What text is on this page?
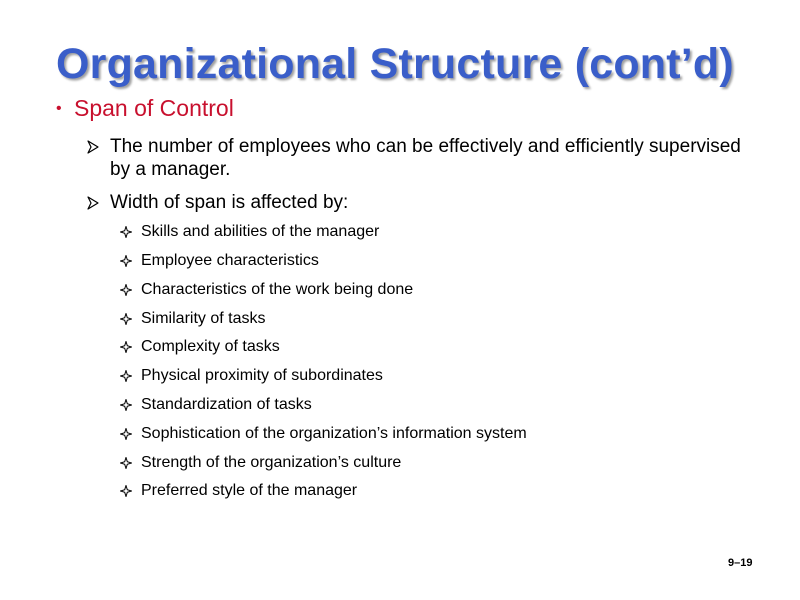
Organizational Structure (cont’d)
• Span of Control
The number of employees who can be effectively and efficiently supervised by a manager.
Width of span is affected by:
Skills and abilities of the manager
Employee characteristics
Characteristics of the work being done
Similarity of tasks
Complexity of tasks
Physical proximity of subordinates
Standardization of tasks
Sophistication of the organization’s information system
Strength of the organization’s culture
Preferred style of the manager
9–19
